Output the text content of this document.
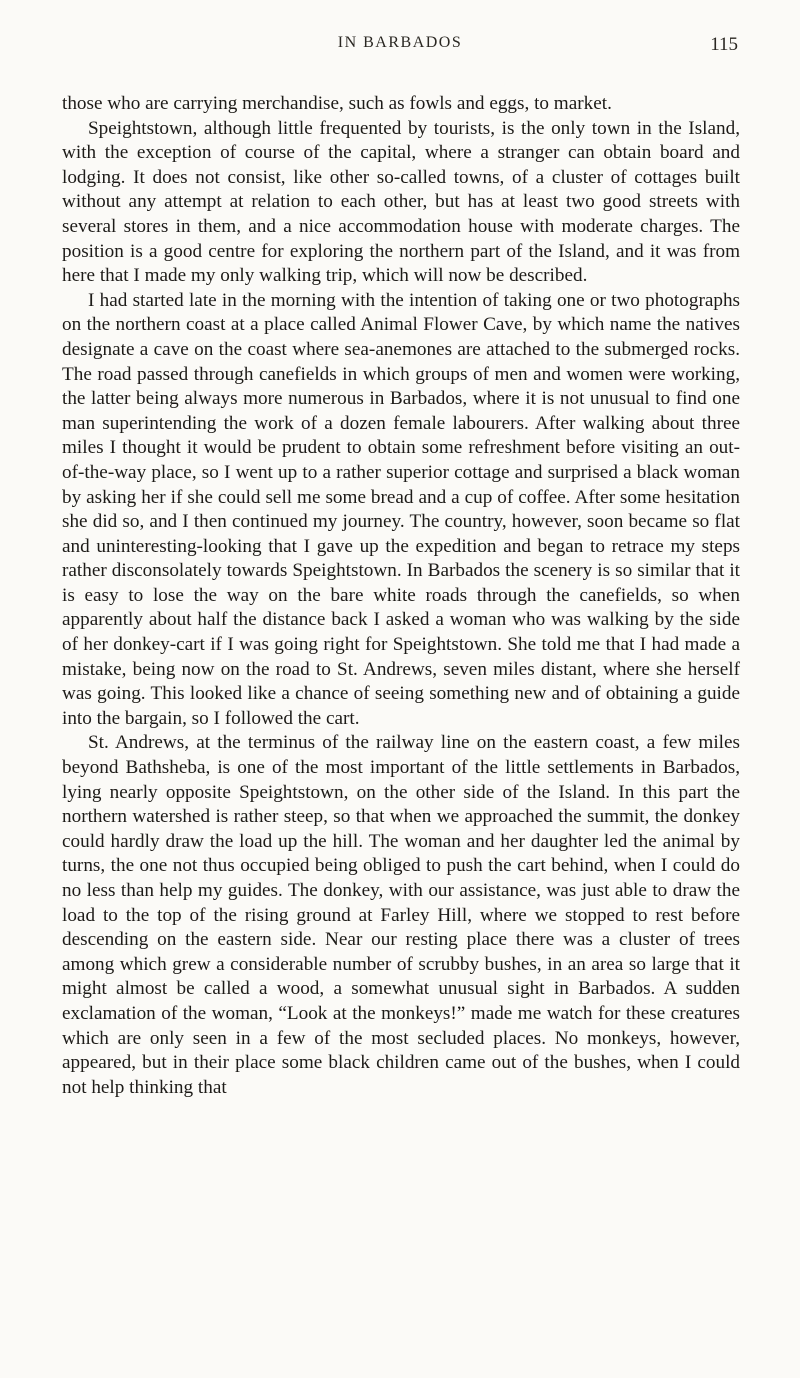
IN BARBADOS	115

those who are carrying merchandise, such as fowls and eggs, to market.

Speightstown, although little frequented by tourists, is the only town in the Island, with the exception of course of the capital, where a stranger can obtain board and lodging. It does not consist, like other so-called towns, of a cluster of cottages built without any attempt at relation to each other, but has at least two good streets with several stores in them, and a nice accommodation house with moderate charges. The position is a good centre for exploring the northern part of the Island, and it was from here that I made my only walking trip, which will now be described.

I had started late in the morning with the intention of taking one or two photographs on the northern coast at a place called Animal Flower Cave, by which name the natives designate a cave on the coast where sea-anemones are attached to the submerged rocks. The road passed through canefields in which groups of men and women were working, the latter being always more numerous in Barbados, where it is not unusual to find one man superintending the work of a dozen female labourers. After walking about three miles I thought it would be prudent to obtain some refreshment before visiting an out-of-the-way place, so I went up to a rather superior cottage and surprised a black woman by asking her if she could sell me some bread and a cup of coffee. After some hesitation she did so, and I then continued my journey. The country, however, soon became so flat and uninteresting-looking that I gave up the expedition and began to retrace my steps rather disconsolately towards Speightstown. In Barbados the scenery is so similar that it is easy to lose the way on the bare white roads through the canefields, so when apparently about half the distance back I asked a woman who was walking by the side of her donkey-cart if I was going right for Speightstown. She told me that I had made a mistake, being now on the road to St. Andrews, seven miles distant, where she herself was going. This looked like a chance of seeing something new and of obtaining a guide into the bargain, so I followed the cart.

St. Andrews, at the terminus of the railway line on the eastern coast, a few miles beyond Bathsheba, is one of the most important of the little settlements in Barbados, lying nearly opposite Speightstown, on the other side of the Island. In this part the northern watershed is rather steep, so that when we approached the summit, the donkey could hardly draw the load up the hill. The woman and her daughter led the animal by turns, the one not thus occupied being obliged to push the cart behind, when I could do no less than help my guides. The donkey, with our assistance, was just able to draw the load to the top of the rising ground at Farley Hill, where we stopped to rest before descending on the eastern side. Near our resting place there was a cluster of trees among which grew a considerable number of scrubby bushes, in an area so large that it might almost be called a wood, a somewhat unusual sight in Barbados. A sudden exclamation of the woman, “Look at the monkeys!” made me watch for these creatures which are only seen in a few of the most secluded places. No monkeys, however, appeared, but in their place some black children came out of the bushes, when I could not help thinking that
